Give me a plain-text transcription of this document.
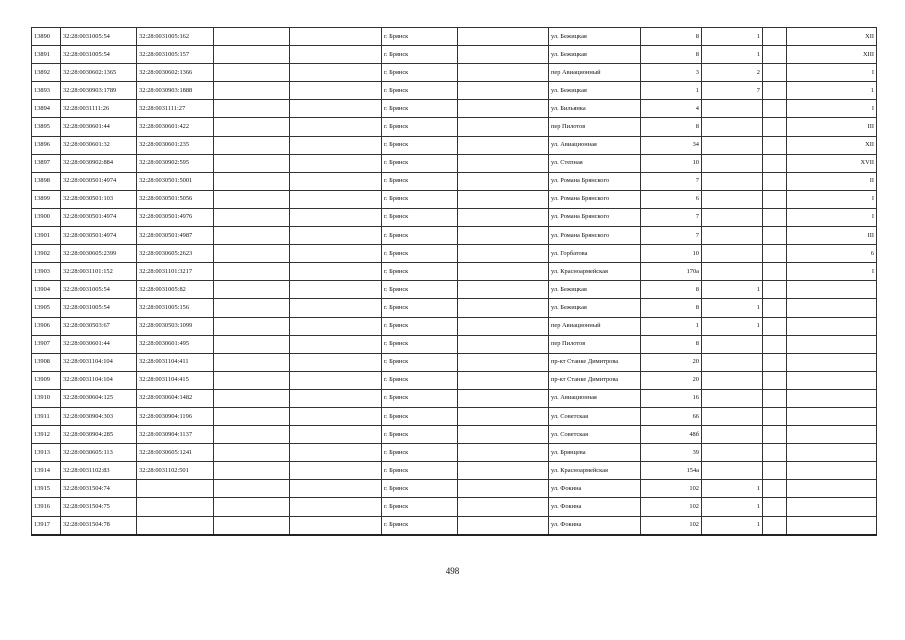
13890	32:28:0031005:54	32:28:0031005:162			г. Брянск		ул. Бежицкая	8	1		XII
13891	32:28:0031005:54	32:28:0031005:157			г. Брянск		ул. Бежицкая	8	1		XIII
13892	32:28:0030602:1365	32:28:0030602:1366			г. Брянск		пер Авиационный	3	2		I
13893	32:28:0030903:1789	32:28:0030903:1888			г. Брянск		ул. Бежицкая	1	7		1
13894	32:28:0031111:26	32:28:0031111:27			г. Брянск		ул. Бильянка	4			I
13895	32:28:0030601:44	32:28:0030601:422			г. Брянск		пер Пилотов	8			III
13896	32:28:0030601:32	32:28:0030601:235			г. Брянск		ул. Авиационная	34			XII
13897	32:28:0030902:884	32:28:0030902:595			г. Брянск		ул. Степная	10			XVII
13898	32:28:0030501:4974	32:28:0030501:5001			г. Брянск		ул. Романа Брянского	7			II
13899	32:28:0030501:103	32:28:0030501:5056			г. Брянск		ул. Романа Брянского	6			I
13900	32:28:0030501:4974	32:28:0030501:4976			г. Брянск		ул. Романа Брянского	7			I
13901	32:28:0030501:4974	32:28:0030501:4987			г. Брянск		ул. Романа Брянского	7			III
13902	32:28:0030605:2399	32:28:0030605:2623			г. Брянск		ул. Горбатова	10			6
13903	32:28:0031101:152	32:28:0031101:3217			г. Брянск		ул. Красноармейская	170а			I
13904	32:28:0031005:54	32:28:0031005:82			г. Брянск		ул. Бежицкая	8	1		
13905	32:28:0031005:54	32:28:0031005:156			г. Брянск		ул. Бежицкая	8	1		
13906	32:28:0030503:67	32:28:0030503:1099			г. Брянск		пер Авиационный	1	1		
13907	32:28:0030601:44	32:28:0030601:495			г. Брянск		пер Пилотов	8			
13908	32:28:0031104:104	32:28:0031104:411			г. Брянск		пр-кт Станке Димитрова	20			
13909	32:28:0031104:104	32:28:0031104:415			г. Брянск		пр-кт Станке Димитрова	20			
13910	32:28:0030604:125	32:28:0030604:1482			г. Брянск		ул. Авиационная	16			
13911	32:28:0030904:303	32:28:0030904:1196			г. Брянск		ул. Советская	66			
13912	32:28:0030904:285	32:28:0030904:1137			г. Брянск		ул. Советская	48б			
13913	32:28:0030605:113	32:28:0030605:1241			г. Брянск		ул. Брянцева	39			
13914	32:28:0031102:83	32:28:0031102:501			г. Брянск		ул. Красноармейская	154а			
13915	32:28:0031504:74				г. Брянск		ул. Фокина	102	1		
13916	32:28:0031504:75				г. Брянск		ул. Фокина	102	1		
13917	32:28:0031504:78				г. Брянск		ул. Фокина	102	1		
498
